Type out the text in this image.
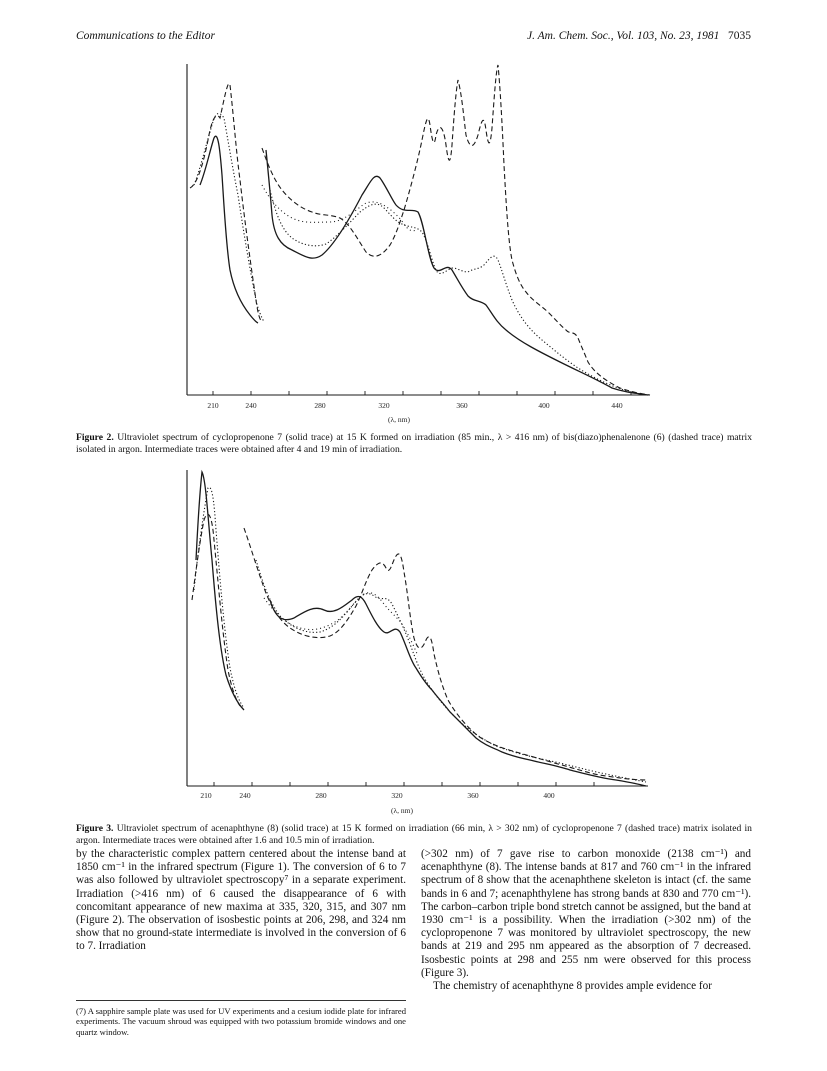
Communications to the Editor	J. Am. Chem. Soc., Vol. 103, No. 23, 1981 7035
210	240	280	320	360	400	440
(λ, nm)
Figure 2. Ultraviolet spectrum of cyclopropenone 7 (solid trace) at 15 K formed on irradiation (85 min., λ > 416 nm) of bis(diazo)phenalenone (6) (dashed trace) matrix isolated in argon. Intermediate traces were obtained after 4 and 19 min of irradiation.
210	240	280	320	360	400
(λ, nm)
Figure 3. Ultraviolet spectrum of acenaphthyne (8) (solid trace) at 15 K formed on irradiation (66 min, λ > 302 nm) of cyclopropenone 7 (dashed trace) matrix isolated in argon. Intermediate traces were obtained after 1.6 and 10.5 min of irradiation.

by the characteristic complex pattern centered about the intense band at 1850 cm⁻¹ in the infrared spectrum (Figure 1). The conversion of 6 to 7 was also followed by ultraviolet spectroscopy⁷ in a separate experiment. Irradiation (>416 nm) of 6 caused the disappearance of 6 with concomitant appearance of new maxima at 335, 320, 315, and 307 nm (Figure 2). The observation of isosbestic points at 206, 298, and 324 nm show that no ground-state intermediate is involved in the conversion of 6 to 7. Irradiation

(>302 nm) of 7 gave rise to carbon monoxide (2138 cm⁻¹) and acenaphthyne (8). The intense bands at 817 and 760 cm⁻¹ in the infrared spectrum of 8 show that the acenaphthene skeleton is intact (cf. the same bands in 6 and 7; acenaphthylene has strong bands at 830 and 770 cm⁻¹). The carbon–carbon triple bond stretch cannot be assigned, but the band at 1930 cm⁻¹ is a possibility. When the irradiation (>302 nm) of the cyclopropenone 7 was monitored by ultraviolet spectroscopy, the new bands at 219 and 295 nm appeared as the absorption of 7 decreased. Isosbestic points at 298 and 255 nm were observed for this process (Figure 3).

The chemistry of acenaphthyne 8 provides ample evidence for

(7) A sapphire sample plate was used for UV experiments and a cesium iodide plate for infrared experiments. The vacuum shroud was equipped with two potassium bromide windows and one quartz window.
